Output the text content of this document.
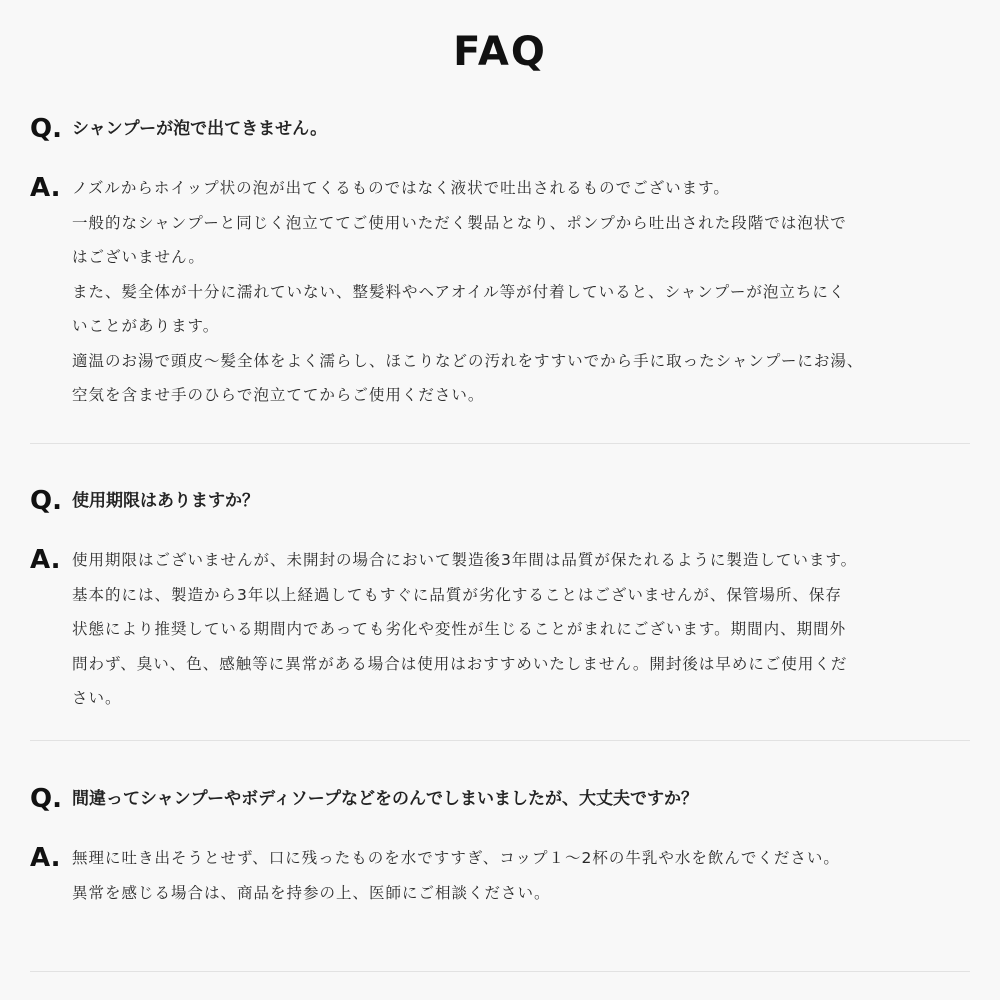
FAQ
Q. シャンプーが泡で出てきません。
A. ノズルからホイップ状の泡が出てくるものではなく液状で吐出されるものでございます。

一般的なシャンプーと同じく泡立ててご使用いただく製品となり、ポンプから吐出された段階では泡状で

はございません。

また、髪全体が十分に濡れていない、整髪料やヘアオイル等が付着していると、シャンプーが泡立ちにく

いことがあります。

適温のお湯で頭皮～髪全体をよく濡らし、ほこりなどの汚れをすすいでから手に取ったシャンプーにお湯、

空気を含ませ手のひらで泡立ててからご使用ください。

Q. 使用期限はありますか？
A. 使用期限はございませんが、未開封の場合において製造後3年間は品質が保たれるように製造しています。

基本的には、製造から3年以上経過してもすぐに品質が劣化することはございませんが、保管場所、保存

状態により推奨している期間内であっても劣化や変性が生じることがまれにございます。期間内、期間外

問わず、臭い、色、感触等に異常がある場合は使用はおすすめいたしません。開封後は早めにご使用くだ

さい。

Q. 間違ってシャンプーやボディソープなどをのんでしまいましたが、大丈夫ですか？
A. 無理に吐き出そうとせず、口に残ったものを水ですすぎ、コップ１～2杯の牛乳や水を飲んでください。

異常を感じる場合は、商品を持参の上、医師にご相談ください。
